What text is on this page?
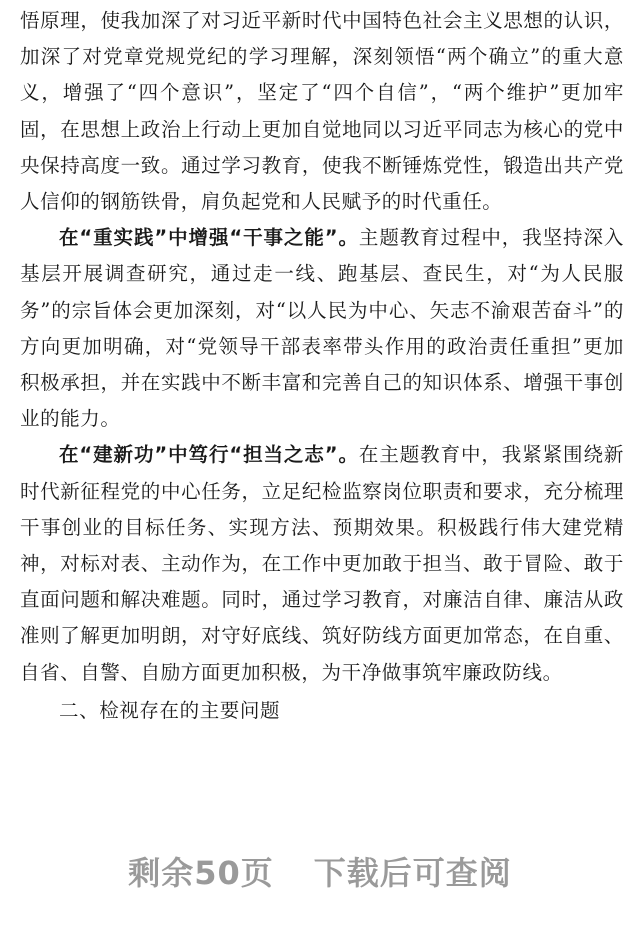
悟原理，使我加深了对习近平新时代中国特色社会主义思想的认识，加深了对党章党规党纪的学习理解，深刻领悟“两个确立”的重大意义，增强了“四个意识”，坚定了“四个自信”，“两个维护”更加牢固，在思想上政治上行动上更加自觉地同以习近平同志为核心的党中央保持高度一致。通过学习教育，使我不断锤炼党性，锻造出共产党人信仰的钢筋铁骨，肩负起党和人民赋予的时代重任。

在“重实践”中增强“干事之能”。主题教育过程中，我坚持深入基层开展调查研究，通过走一线、跑基层、查民生，对“为人民服务”的宗旨体会更加深刻，对“以人民为中心、矢志不渝艰苦奋斗”的方向更加明确，对“党领导干部表率带头作用的政治责任重担”更加积极承担，并在实践中不断丰富和完善自己的知识体系、增强干事创业的能力。

在“建新功”中笃行“担当之志”。在主题教育中，我紧紧围绕新时代新征程党的中心任务，立足纪检监察岗位职责和要求，充分梳理干事创业的目标任务、实现方法、预期效果。积极践行伟大建党精神，对标对表、主动作为，在工作中更加敢于担当、敢于冒险、敢于直面问题和解决难题。同时，通过学习教育，对廉洁自律、廉洁从政准则了解更加明朗，对守好底线、筑好防线方面更加常态，在自重、自省、自警、自励方面更加积极，为干净做事筑牢廉政防线。

二、检视存在的主要问题
剩余50页 下载后可查阅
